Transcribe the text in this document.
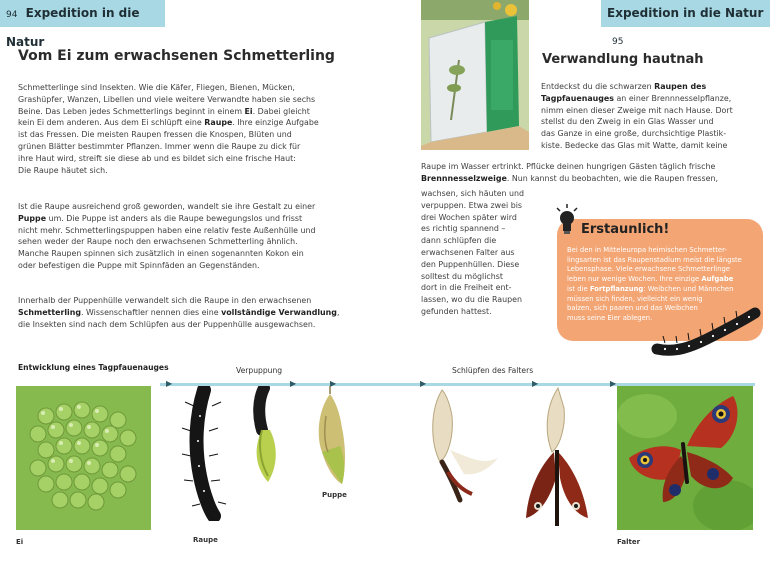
94 Expedition in die Natur
Expedition in die Natur 95
Vom Ei zum erwachsenen Schmetterling
Schmetterlinge sind Insekten. Wie die Käfer, Fliegen, Bienen, Mücken,
Grashüpfer, Wanzen, Libellen und viele weitere Verwandte haben sie sechs
Beine. Das Leben jedes Schmetterlings beginnt in einem Ei. Dabei gleicht
kein Ei dem anderen. Aus dem Ei schlüpft eine Raupe. Ihre einzige Aufgabe
ist das Fressen. Die meisten Raupen fressen die Knospen, Blüten und
grünen Blätter bestimmter Pflanzen. Immer wenn die Raupe zu dick für
ihre Haut wird, streift sie diese ab und es bildet sich eine frische Haut:
Die Raupe häutet sich.
Ist die Raupe ausreichend groß geworden, wandelt sie ihre Gestalt zu einer
Puppe um. Die Puppe ist anders als die Raupe bewegungslos und frisst
nicht mehr. Schmetterlingspuppen haben eine relativ feste Außenhülle und
sehen weder der Raupe noch den erwachsenen Schmetterling ähnlich.
Manche Raupen spinnen sich zusätzlich in einen sogenannten Kokon ein
oder befestigen die Puppe mit Spinnfäden an Gegenständen.
Innerhalb der Puppenhülle verwandelt sich die Raupe in den erwachsenen
Schmetterling. Wissenschaftler nennen dies eine vollständige Verwandlung,
die Insekten sind nach dem Schlüpfen aus der Puppenhülle ausgewachsen.
Verwandlung hautnah
Entdeckst du die schwarzen Raupen des
Tagpfauenauges an einer Brennnesselpflanze,
nimm einen dieser Zweige mit nach Hause. Dort
stellst du den Zweig in ein Glas Wasser und
das Ganze in eine große, durchsichtige Plastik-
kiste. Bedecke das Glas mit Watte, damit keine
Raupe im Wasser ertrinkt. Pflücke deinen hungrigen Gästen täglich frische
Brennnesselzweige. Nun kannst du beobachten, wie die Raupen fressen,
wachsen, sich häuten und
verpuppen. Etwa zwei bis
drei Wochen später wird
es richtig spannend –
dann schlüpfen die
erwachsenen Falter aus
den Puppenhüllen. Diese
solltest du möglichst
dort in die Freiheit ent-
lassen, wo du die Raupen
gefunden hattest.
Erstaunlich!
Bei den in Mitteleuropa heimischen Schmetter-
lingsarten ist das Raupenstadium meist die längste
Lebensphase. Viele erwachsene Schmetterlinge
leben nur wenige Wochen. Ihre einzige Aufgabe
ist die Fortpflanzung: Weibchen und Männchen
müssen sich finden, vielleicht ein wenig
balzen, sich paaren und das Weibchen
muss seine Eier ablegen.
Entwicklung eines Tagpfauenauges	Verpuppung	Schlüpfen des Falters
▶	▶	▶	▶	▶	▶
Ei	Raupe
Puppe
Falter
